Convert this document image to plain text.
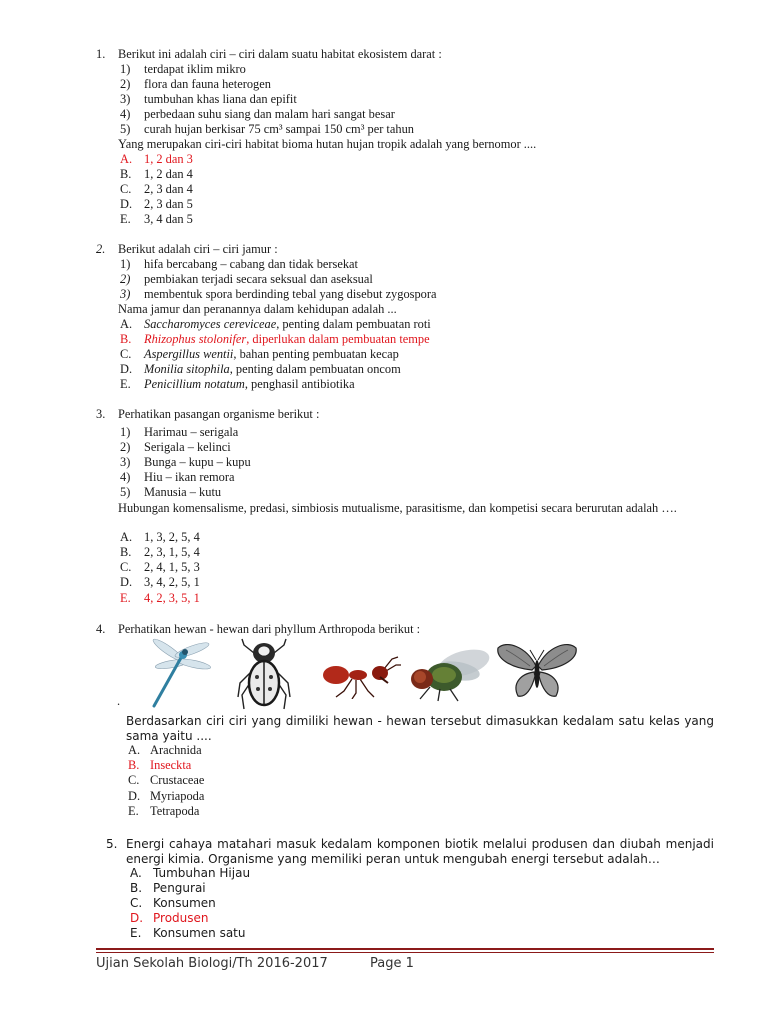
1. Berikut ini adalah ciri – ciri dalam suatu habitat ekosistem darat :
1) terdapat iklim mikro
2) flora dan fauna heterogen
3) tumbuhan khas liana dan epifit
4) perbedaan suhu siang dan malam hari sangat besar
5) curah hujan berkisar 75 cm³ sampai 150 cm³ per tahun
Yang merupakan ciri-ciri habitat bioma hutan hujan tropik adalah yang bernomor ....
A. 1, 2 dan 3
B. 1, 2 dan 4
C. 2, 3 dan 4
D. 2, 3 dan 5
E. 3, 4 dan 5
2. Berikut adalah ciri – ciri jamur :
1) hifa bercabang – cabang dan tidak bersekat
2) pembiakan terjadi secara seksual dan aseksual
3) membentuk spora berdinding tebal yang disebut zygospora
Nama jamur dan peranannya dalam kehidupan adalah ...
A. Saccharomyces cereviceae, penting dalam pembuatan roti
B. Rhizophus stolonifer, diperlukan dalam pembuatan tempe
C. Aspergillus wentii, bahan penting pembuatan kecap
D. Monilia sitophila, penting dalam pembuatan oncom
E. Penicillium notatum, penghasil antibiotika
3. Perhatikan pasangan organisme berikut :
1) Harimau – serigala
2) Serigala – kelinci
3) Bunga – kupu – kupu
4) Hiu – ikan remora
5) Manusia – kutu
Hubungan komensalisme, predasi, simbiosis mutualisme, parasitisme, dan kompetisi secara berurutan adalah ….
A. 1, 3, 2, 5, 4
B. 2, 3, 1, 5, 4
C. 2, 4, 1, 5, 3
D. 3, 4, 2, 5, 1
E. 4, 2, 3, 5, 1
4. Perhatikan hewan - hewan dari phyllum Arthropoda berikut :
.
Berdasarkan ciri ciri yang dimiliki hewan - hewan tersebut dimasukkan kedalam satu kelas yang sama yaitu ....
A. Arachnida
B. Inseckta
C. Crustaceae
D. Myriapoda
E. Tetrapoda
5. Energi cahaya matahari masuk kedalam komponen biotik melalui produsen dan diubah menjadi energi kimia. Organisme yang memiliki peran untuk mengubah energi tersebut adalah…
A. Tumbuhan Hijau
B. Pengurai
C. Konsumen
D. Produsen
E. Konsumen satu
Ujian Sekolah Biologi/Th 2016-2017	Page 1
